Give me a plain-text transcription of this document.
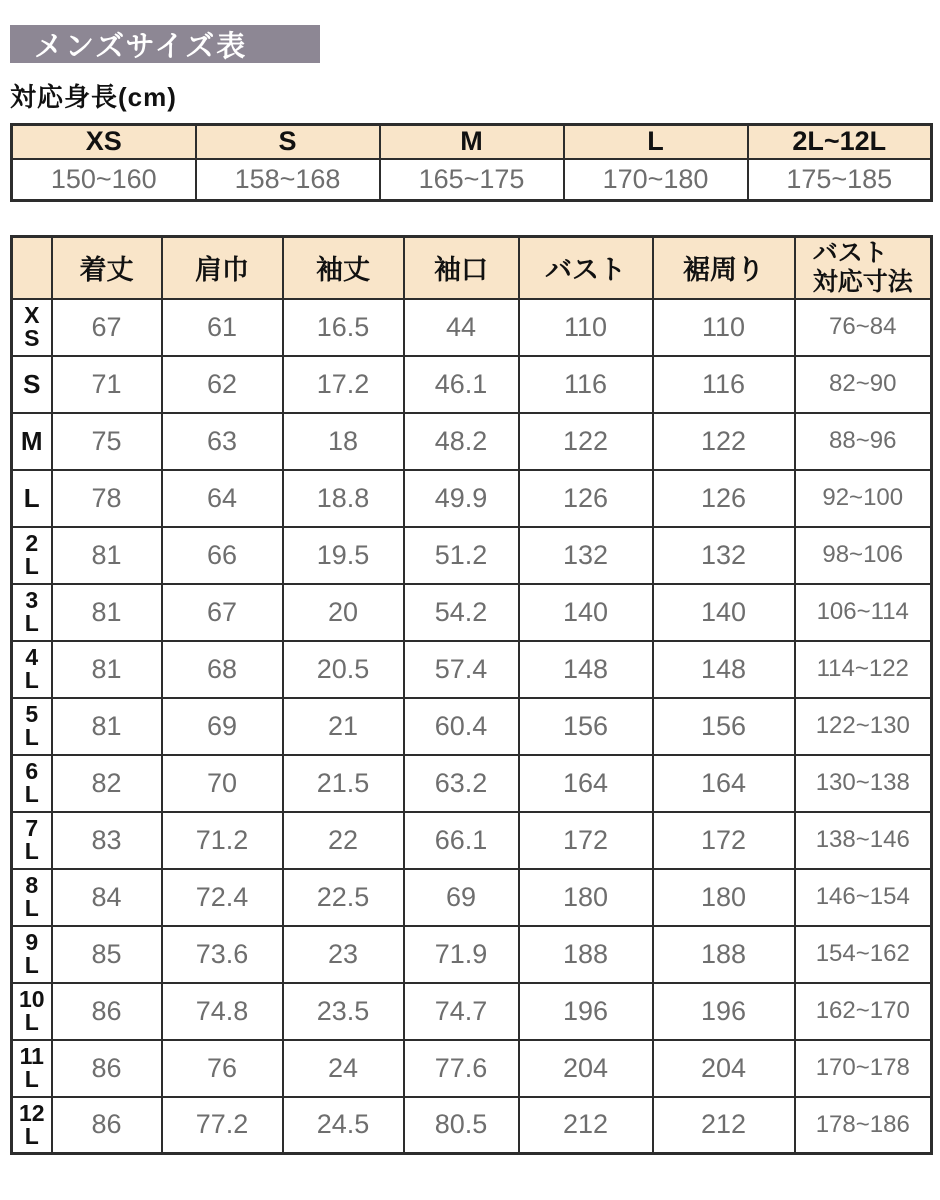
メンズサイズ表
対応身長(cm)
XS	S	M	L	2L~12L
150~160	158~168	165~175	170~180	175~185
	着丈	肩巾	袖丈	袖口	バスト	裾周り	バスト
対応寸法

X
S	67	61	16.5	44	110	110	76~84
S	71	62	17.2	46.1	116	116	82~90
M	75	63	18	48.2	122	122	88~96
L	78	64	18.8	49.9	126	126	92~100

2
L	81	66	19.5	51.2	132	132	98~106

3
L	81	67	20	54.2	140	140	106~114

4
L	81	68	20.5	57.4	148	148	114~122

5
L	81	69	21	60.4	156	156	122~130

6
L	82	70	21.5	63.2	164	164	130~138

7
L	83	71.2	22	66.1	172	172	138~146

8
L	84	72.4	22.5	69	180	180	146~154

9
L	85	73.6	23	71.9	188	188	154~162

10
L	86	74.8	23.5	74.7	196	196	162~170

11
L	86	76	24	77.6	204	204	170~178

12
L	86	77.2	24.5	80.5	212	212	178~186
